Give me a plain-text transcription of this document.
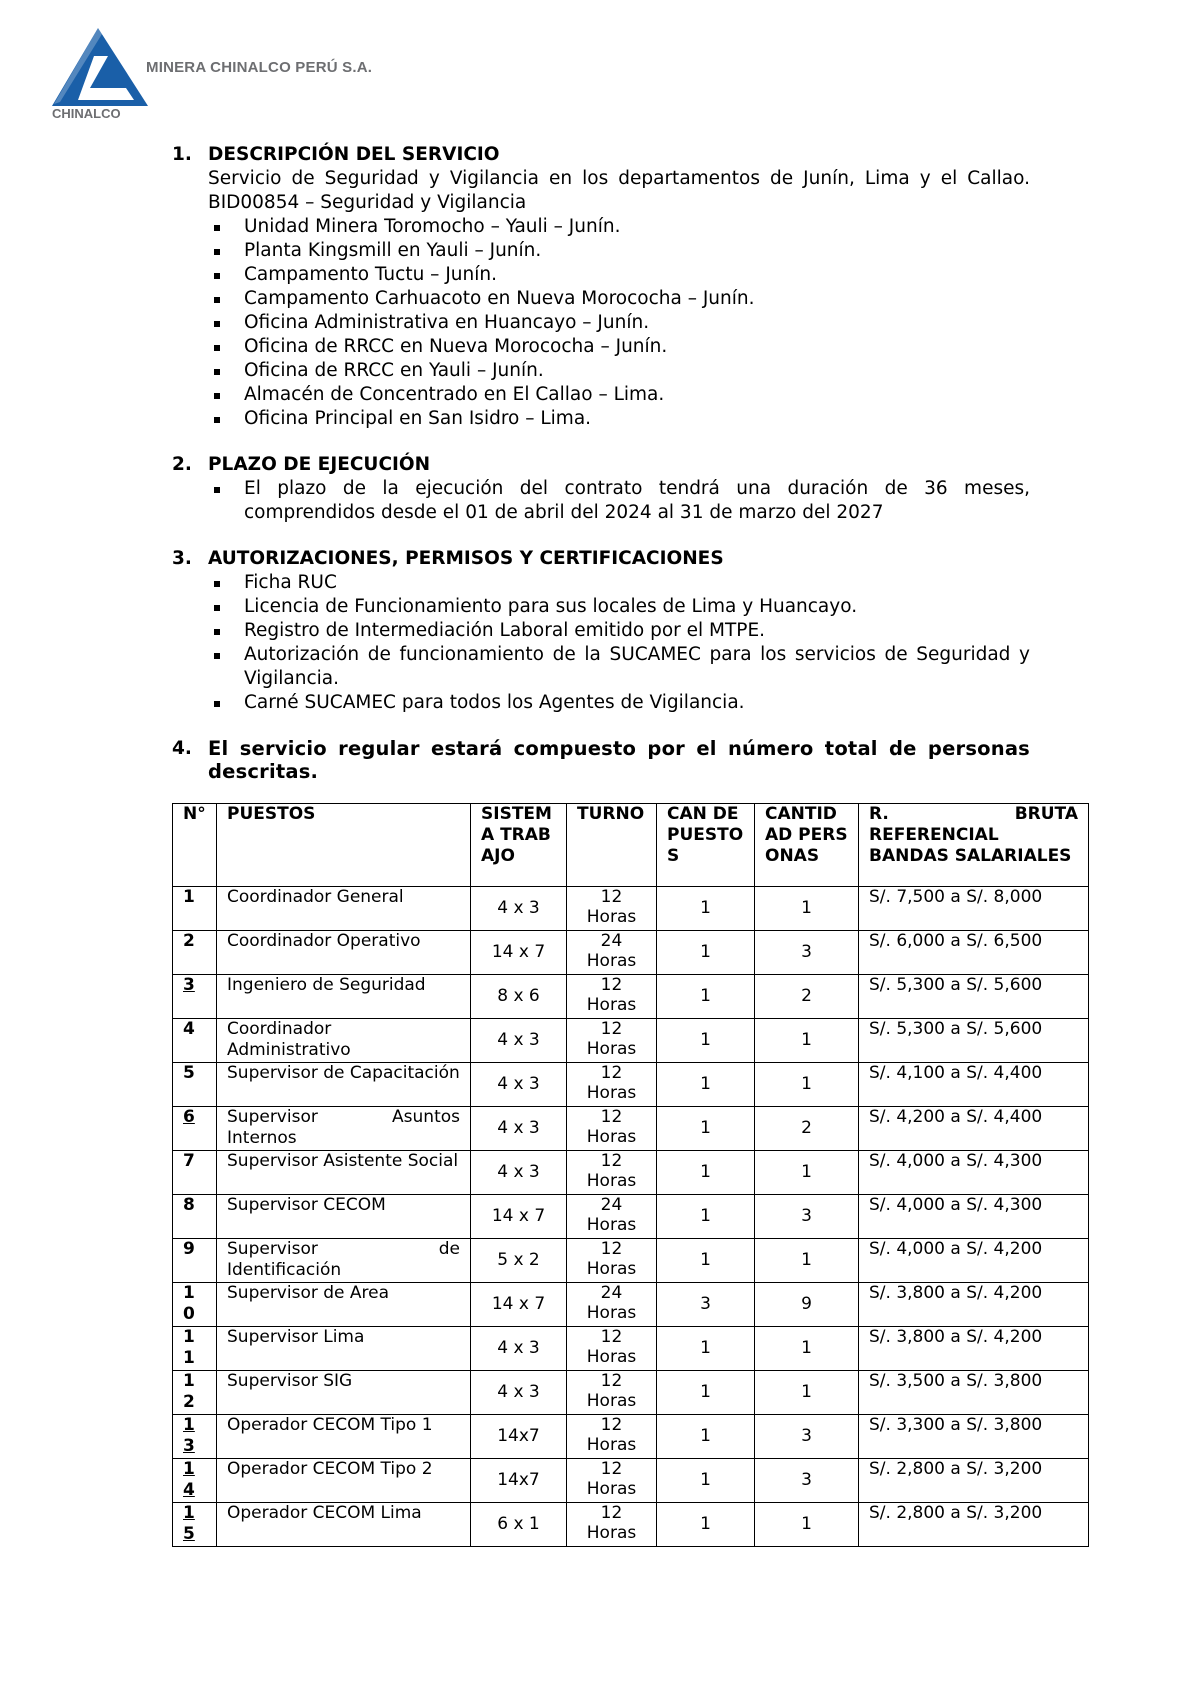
MINERA CHINALCO PERÚ S.A.
CHINALCO
1. DESCRIPCIÓN DEL SERVICIO

Servicio de Seguridad y Vigilancia en los departamentos de Junín, Lima y el Callao. BID00854 – Seguridad y Vigilancia

Unidad Minera Toromocho – Yauli – Junín.
Planta Kingsmill en Yauli – Junín.
Campamento Tuctu – Junín.
Campamento Carhuacoto en Nueva Morococha – Junín.
Oficina Administrativa en Huancayo – Junín.
Oficina de RRCC en Nueva Morococha – Junín.
Oficina de RRCC en Yauli – Junín.
Almacén de Concentrado en El Callao – Lima.
Oficina Principal en San Isidro – Lima.
2. PLAZO DE EJECUCIÓN
El plazo de la ejecución del contrato tendrá una duración de 36 meses, comprendidos desde el 01 de abril del 2024 al 31 de marzo del 2027
3. AUTORIZACIONES, PERMISOS Y CERTIFICACIONES
Ficha RUC
Licencia de Funcionamiento para sus locales de Lima y Huancayo.
Registro de Intermediación Laboral emitido por el MTPE.
Autorización de funcionamiento de la SUCAMEC para los servicios de Seguridad y Vigilancia.
Carné SUCAMEC para todos los Agentes de Vigilancia.
4. El servicio regular estará compuesto por el número total de personas descritas.
N°	PUESTOS	SISTEMA TRABAJO	TURNO	CAN DE PUESTOS	CANTIDAD PERSONAS	R. BRUTA REFERENCIAL BANDAS SALARIALES
1	Coordinador General	4 x 3	12
Horas	1	1	S/. 7,500 a S/. 8,000
2	Coordinador Operativo	14 x 7	24
Horas	1	3	S/. 6,000 a S/. 6,500
3	Ingeniero de Seguridad	8 x 6	12
Horas	1	2	S/. 5,300 a S/. 5,600
4	Coordinador Administrativo	4 x 3	12
Horas	1	1	S/. 5,300 a S/. 5,600
5	Supervisor de Capacitación	4 x 3	12
Horas	1	1	S/. 4,100 a S/. 4,400
6	Supervisor Asuntos Internos	4 x 3	12
Horas	1	2	S/. 4,200 a S/. 4,400
7	Supervisor Asistente Social	4 x 3	12
Horas	1	1	S/. 4,000 a S/. 4,300
8	Supervisor CECOM	14 x 7	24
Horas	1	3	S/. 4,000 a S/. 4,300
9	Supervisor de Identificación	5 x 2	12
Horas	1	1	S/. 4,000 a S/. 4,200
10	Supervisor de Area	14 x 7	24
Horas	3	9	S/. 3,800 a S/. 4,200
11	Supervisor Lima	4 x 3	12
Horas	1	1	S/. 3,800 a S/. 4,200
12	Supervisor SIG	4 x 3	12
Horas	1	1	S/. 3,500 a S/. 3,800
13	Operador CECOM Tipo 1	14x7	12
Horas	1	3	S/. 3,300 a S/. 3,800
14	Operador CECOM Tipo 2	14x7	12
Horas	1	3	S/. 2,800 a S/. 3,200
15	Operador CECOM Lima	6 x 1	12
Horas	1	1	S/. 2,800 a S/. 3,200
